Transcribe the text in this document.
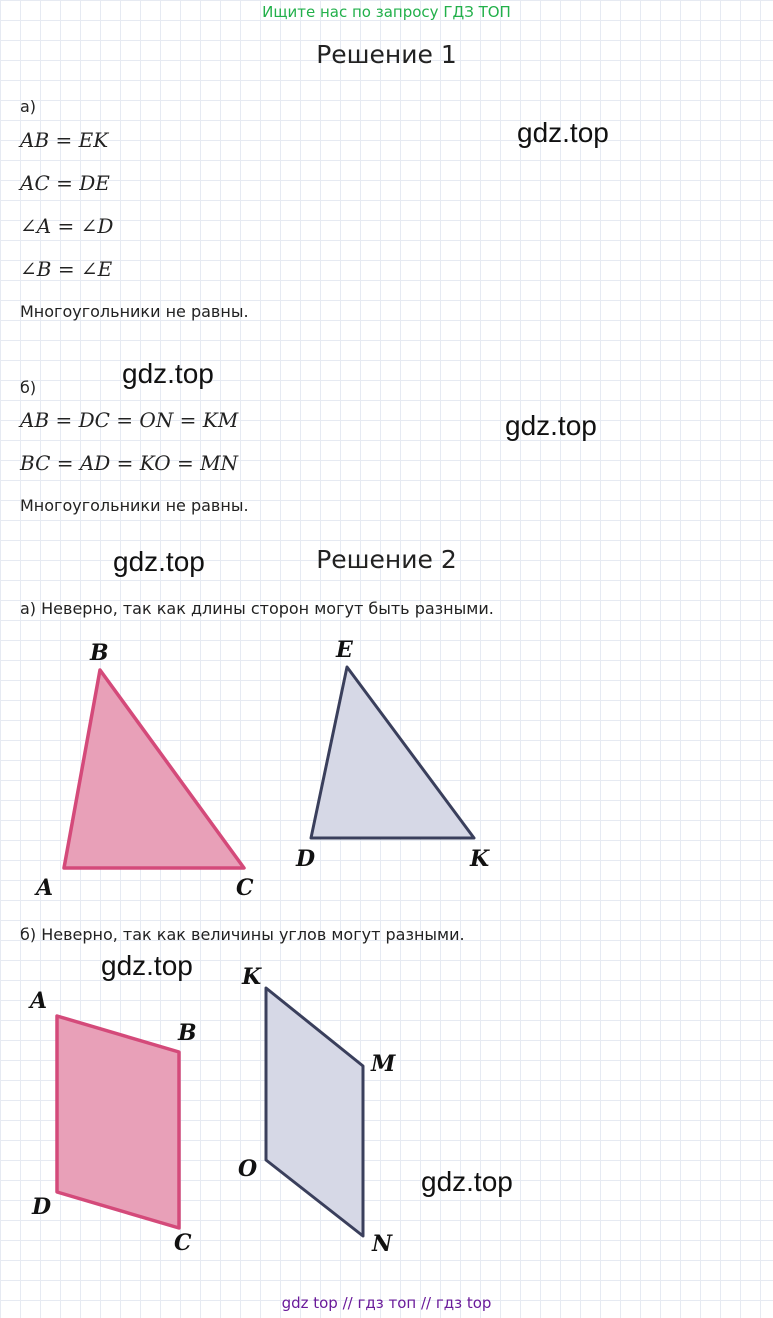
Ищите нас по запросу ГДЗ ТОП
Решение 1
а)
AB = EK
AC = DE
∠A = ∠D
∠B = ∠E
Многоугольники не равны.
б)
AB = DC = ON = KM
BC = AD = KO = MN
Многоугольники не равны.
Решение 2
а) Неверно, так как длины сторон могут быть разными.
б) Неверно, так как величины углов могут разными.
A
B
C
D
E
K
A
B
C
D
K
M
N
O
gdz.top
gdz.top
gdz.top
gdz.top
gdz.top
gdz.top
gdz top // гдз топ // гдз top
